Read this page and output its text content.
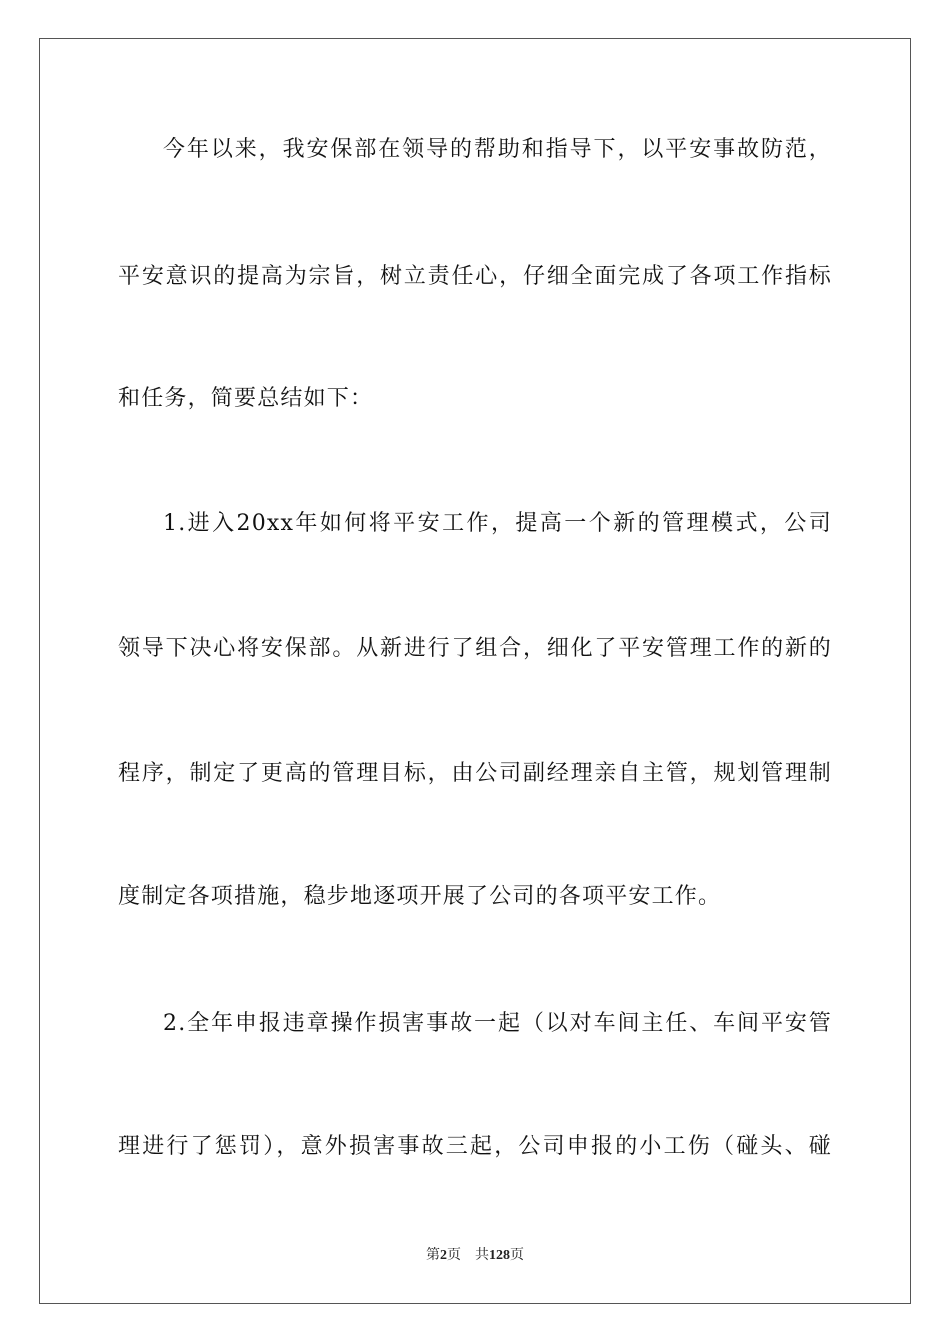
今年以来，我安保部在领导的帮助和指导下，以平安事故防范，
平安意识的提高为宗旨，树立责任心，仔细全面完成了各项工作指标
和任务，简要总结如下：
1.进入20xx年如何将平安工作，提高一个新的管理模式，公司
领导下决心将安保部。从新进行了组合，细化了平安管理工作的新的
程序，制定了更高的管理目标，由公司副经理亲自主管，规划管理制
度制定各项措施，稳步地逐项开展了公司的各项平安工作。
2.全年申报违章操作损害事故一起（以对车间主任、车间平安管
理进行了惩罚），意外损害事故三起，公司申报的小工伤（碰头、碰
第2页 共128页
